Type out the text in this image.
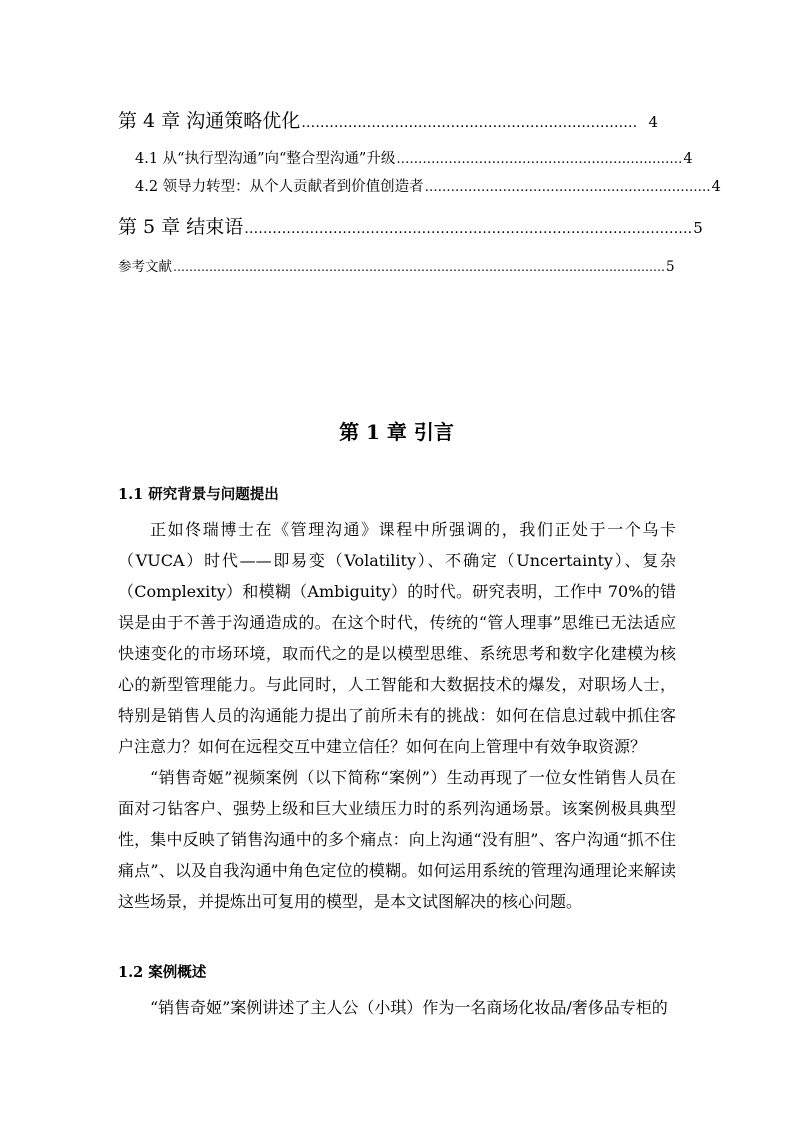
第 4 章 沟通策略优化 ……………………………………………………………… 4
4.1 从“执行型沟通”向“整合型沟通”升级 ………………………………………………………… 4
4.2 领导力转型：从个人贡献者到价值创造者 ………………………………………………………… 4
第 5 章 结束语 …………………………………………………………………………………… 5
参考文献 …………………………………………………………………………………………………………… 5
第 1 章 引言
1.1 研究背景与问题提出

正如佟瑞博士在《管理沟通》课程中所强调的，我们正处于一个乌卡（VUCA）时代——即易变（Volatility）、不确定（Uncertainty）、复杂（Complexity）和模糊（Ambiguity）的时代。研究表明，工作中 70%的错误是由于不善于沟通造成的。在这个时代，传统的“管人理事”思维已无法适应快速变化的市场环境，取而代之的是以模型思维、系统思考和数字化建模为核心的新型管理能力。与此同时，人工智能和大数据技术的爆发，对职场人士，特别是销售人员的沟通能力提出了前所未有的挑战：如何在信息过载中抓住客户注意力？如何在远程交互中建立信任？如何在向上管理中有效争取资源？

“销售奇姬”视频案例（以下简称“案例”）生动再现了一位女性销售人员在面对刁钻客户、强势上级和巨大业绩压力时的系列沟通场景。该案例极具典型性，集中反映了销售沟通中的多个痛点：向上沟通“没有胆”、客户沟通“抓不住痛点”、以及自我沟通中角色定位的模糊。如何运用系统的管理沟通理论来解读这些场景，并提炼出可复用的模型，是本文试图解决的核心问题。

1.2 案例概述

“销售奇姬”案例讲述了主人公（小琪）作为一名商场化妆品/奢侈品专柜的
